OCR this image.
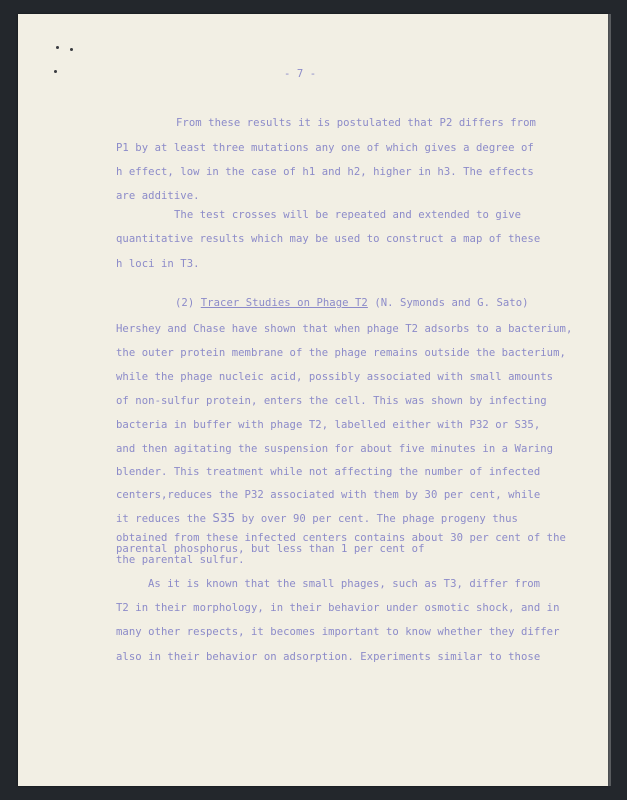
- 7 -
From these results it is postulated that P2 differs from
P1 by at least three mutations any one of which gives a degree of
h effect, low in the case of h1 and h2, higher in h3. The effects
are additive.
The test crosses will be repeated and extended to give
quantitative results which may be used to construct a map of these
h loci in T3.
(2) Tracer Studies on Phage T2 (N. Symonds and G. Sato)
Hershey and Chase have shown that when phage T2 adsorbs to a bacterium,
the outer protein membrane of the phage remains outside the bacterium,
while the phage nucleic acid, possibly associated with small amounts
of non-sulfur protein, enters the cell. This was shown by infecting
bacteria in buffer with phage T2, labelled either with P32 or S35,
and then agitating the suspension for about five minutes in a Waring
blender. This treatment while not affecting the number of infected
centers,reduces the P32 associated with them by 30 per cent, while
it reduces the S35 by over 90 per cent. The phage progeny thus
obtained from these infected centers contains about 30 per cent of the
parental phosphorus, but less than 1 per cent of
the parental sulfur.
As it is known that the small phages, such as T3, differ from
T2 in their morphology, in their behavior under osmotic shock, and in
many other respects, it becomes important to know whether they differ
also in their behavior on adsorption. Experiments similar to those
